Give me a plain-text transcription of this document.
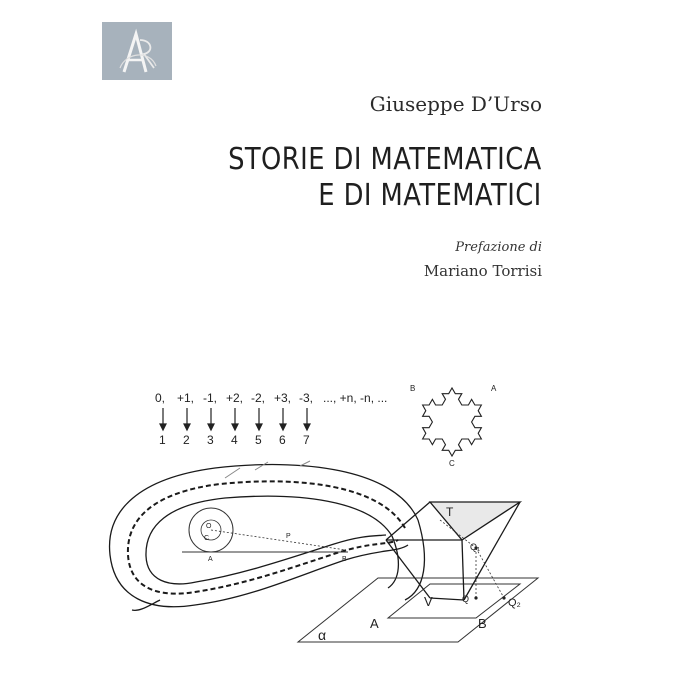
Giuseppe D’Urso
STORIE DI MATEMATICA
E DI MATEMATICI
Prefazione di
Mariano Torrisi
0, +1, -1, +2, -2, +3, -3, ..., +n, -n, ...
1 2 3 4 5 6 7
B	A
C
O
C
A
P
B
T
Q₁
Q	Q₂
V
A	B
α
